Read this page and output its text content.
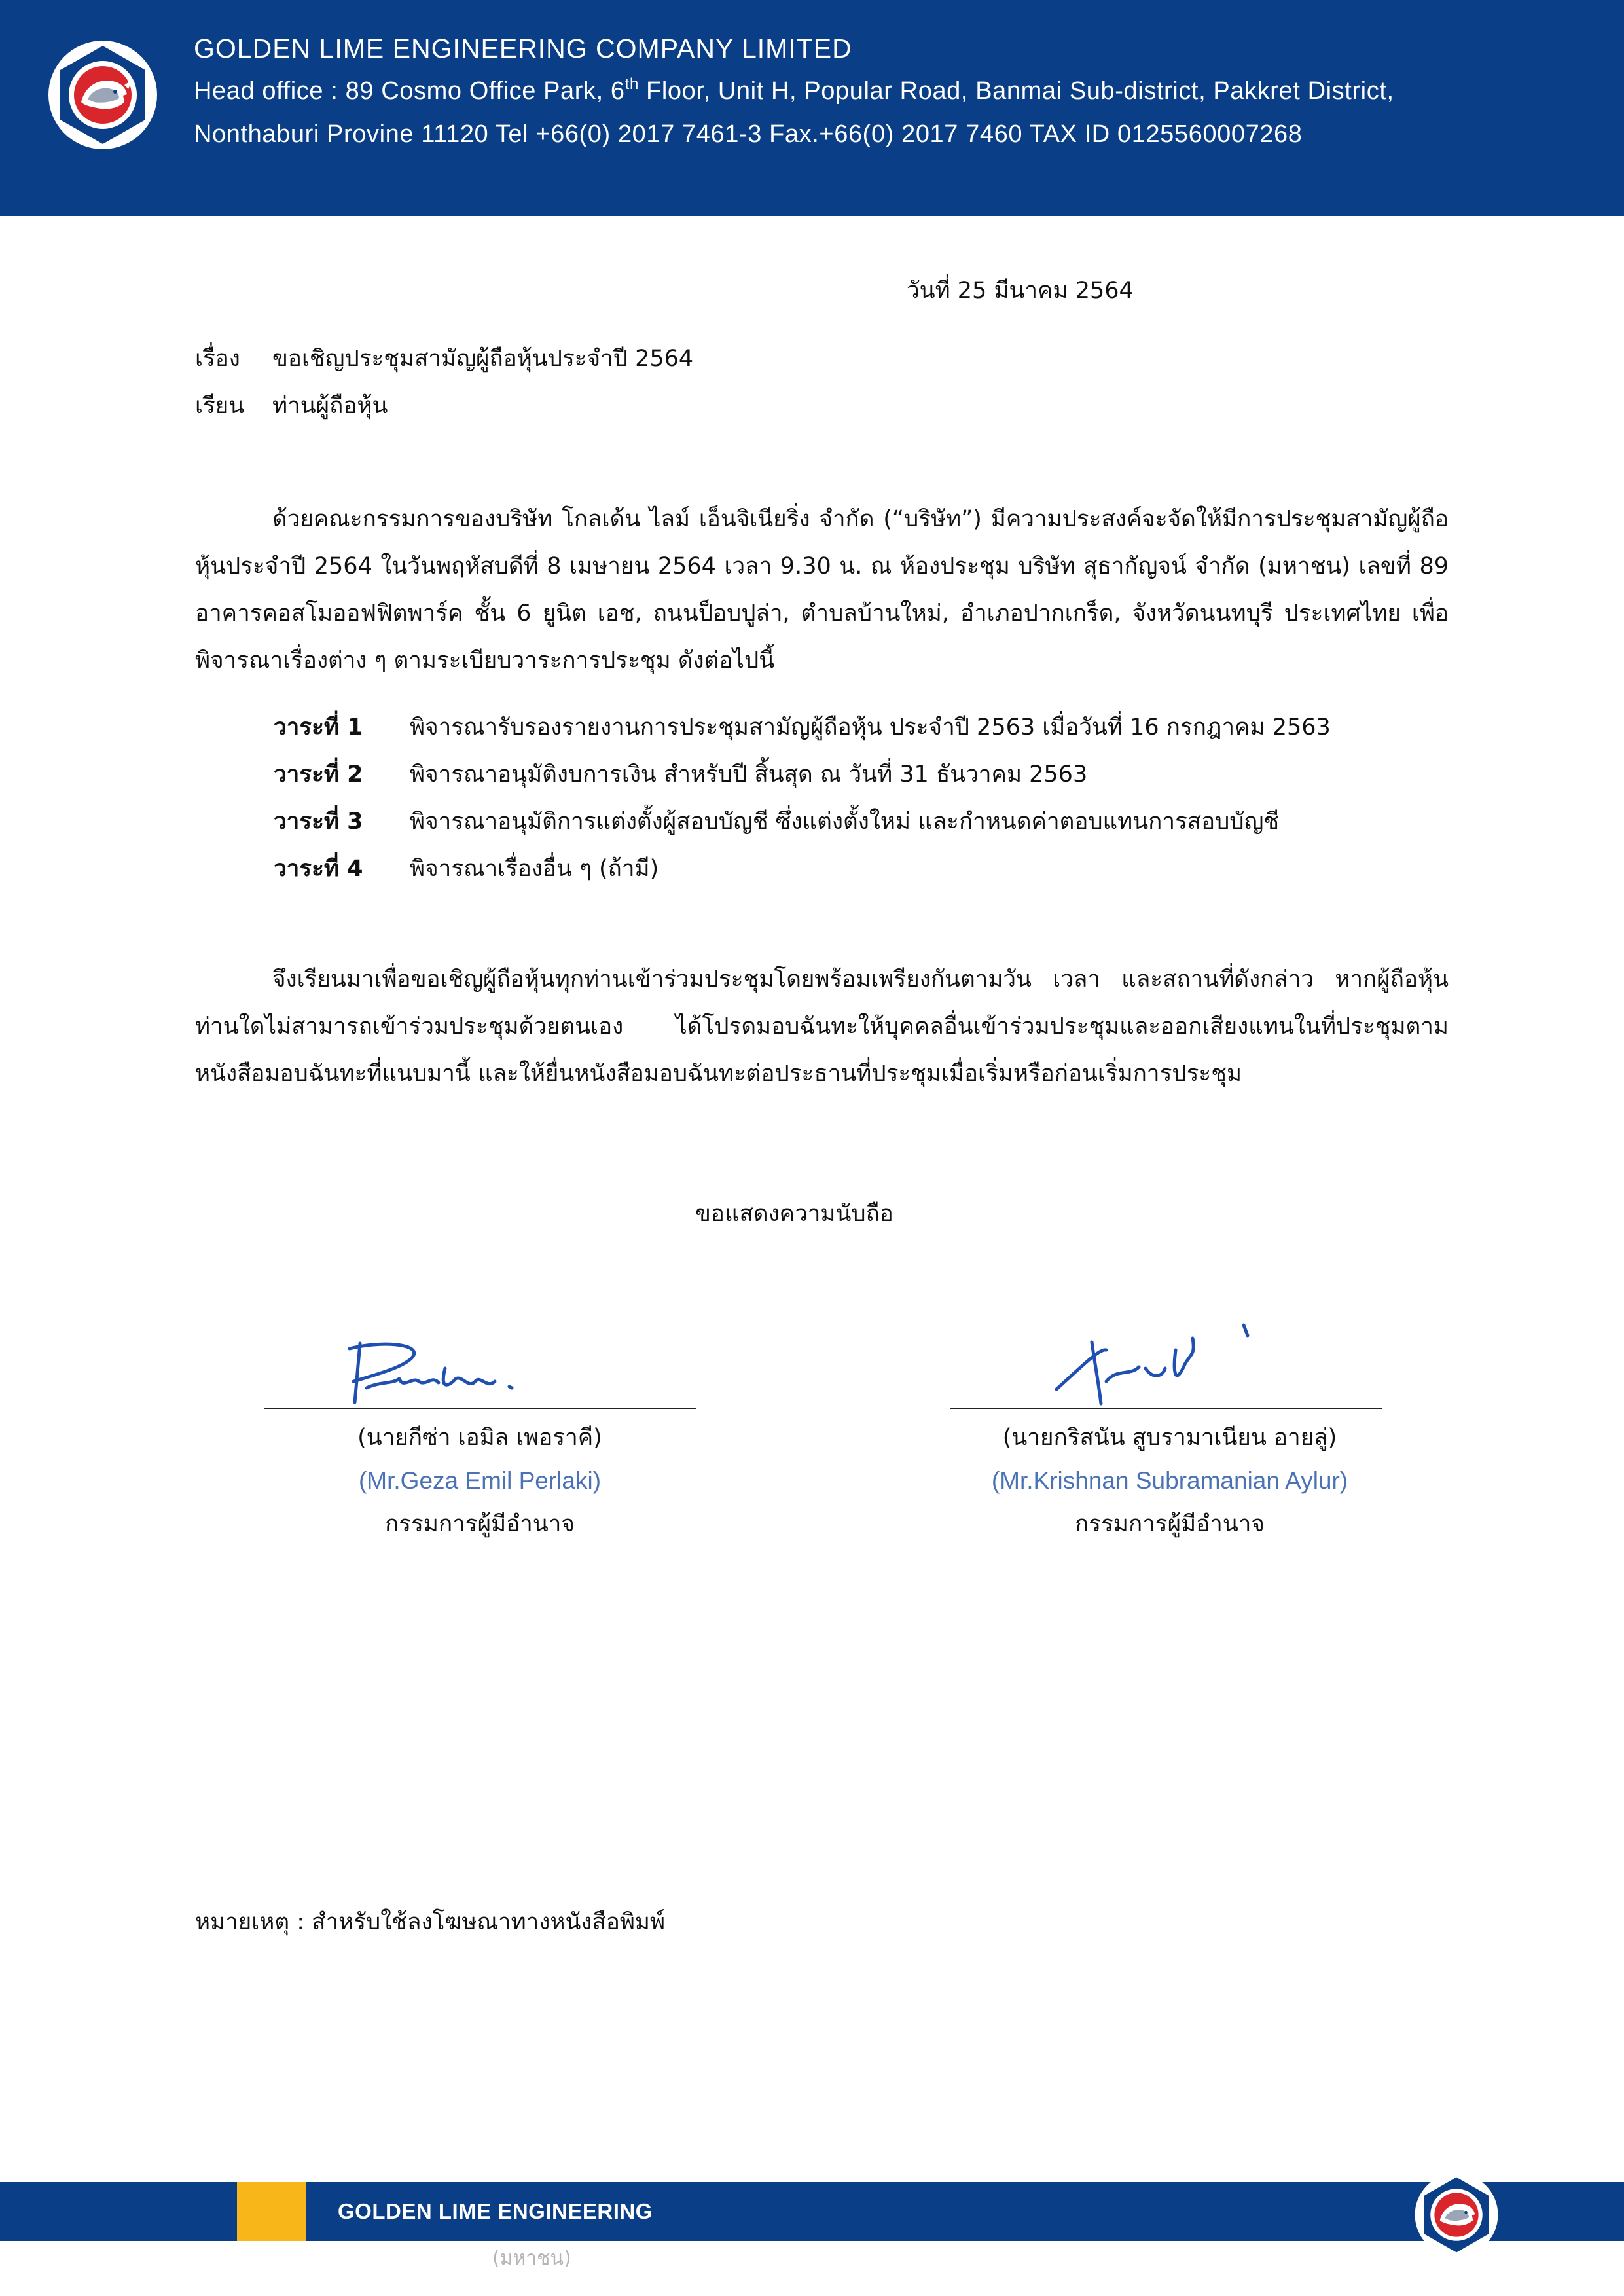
GOLDEN LIME ENGINEERING COMPANY LIMITED
Head office : 89 Cosmo Office Park, 6th Floor, Unit H, Popular Road, Banmai Sub-district, Pakkret District,
Nonthaburi Provine 11120 Tel +66(0) 2017 7461-3 Fax.+66(0) 2017 7460 TAX ID 0125560007268
วันที่ 25 มีนาคม 2564
เรื่อง ขอเชิญประชุมสามัญผู้ถือหุ้นประจำปี 2564
เรียน ท่านผู้ถือหุ้น
ด้วยคณะกรรมการของบริษัท โกลเด้น ไลม์ เอ็นจิเนียริ่ง จำกัด (“บริษัท”) มีความประสงค์จะจัดให้มีการประชุมสามัญผู้ถือหุ้นประจำปี 2564 ในวันพฤหัสบดีที่ 8 เมษายน 2564 เวลา 9.30 น. ณ ห้องประชุม บริษัท สุธากัญจน์ จำกัด (มหาชน) เลขที่ 89 อาคารคอสโมออฟฟิตพาร์ค ชั้น 6 ยูนิต เอช, ถนนป็อบปูล่า, ตำบลบ้านใหม่, อำเภอปากเกร็ด, จังหวัดนนทบุรี ประเทศไทย เพื่อพิจารณาเรื่องต่าง ๆ ตามระเบียบวาระการประชุม ดังต่อไปนี้
วาระที่ 1 พิจารณารับรองรายงานการประชุมสามัญผู้ถือหุ้น ประจำปี 2563 เมื่อวันที่ 16 กรกฎาคม 2563
วาระที่ 2 พิจารณาอนุมัติงบการเงิน สำหรับปี สิ้นสุด ณ วันที่ 31 ธันวาคม 2563
วาระที่ 3 พิจารณาอนุมัติการแต่งตั้งผู้สอบบัญชี ซึ่งแต่งตั้งใหม่ และกำหนดค่าตอบแทนการสอบบัญชี
วาระที่ 4 พิจารณาเรื่องอื่น ๆ (ถ้ามี)
จึงเรียนมาเพื่อขอเชิญผู้ถือหุ้นทุกท่านเข้าร่วมประชุมโดยพร้อมเพรียงกันตามวัน เวลา และสถานที่ดังกล่าว หากผู้ถือหุ้นท่านใดไม่สามารถเข้าร่วมประชุมด้วยตนเอง ได้โปรดมอบฉันทะให้บุคคลอื่นเข้าร่วมประชุมและออกเสียงแทนในที่ประชุมตามหนังสือมอบฉันทะที่แนบมานี้ และให้ยื่นหนังสือมอบฉันทะต่อประธานที่ประชุมเมื่อเริ่มหรือก่อนเริ่มการประชุม
ขอแสดงความนับถือ
(นายกีซ่า เอมิล เพอราคี)
(Mr.Geza Emil Perlaki)
กรรมการผู้มีอำนาจ
(นายกริสนัน สูบรามาเนียน อายลู่)
(Mr.Krishnan Subramanian Aylur)
กรรมการผู้มีอำนาจ
หมายเหตุ : สำหรับใช้ลงโฆษณาทางหนังสือพิมพ์
GOLDEN LIME ENGINEERING
(มหาชน)
